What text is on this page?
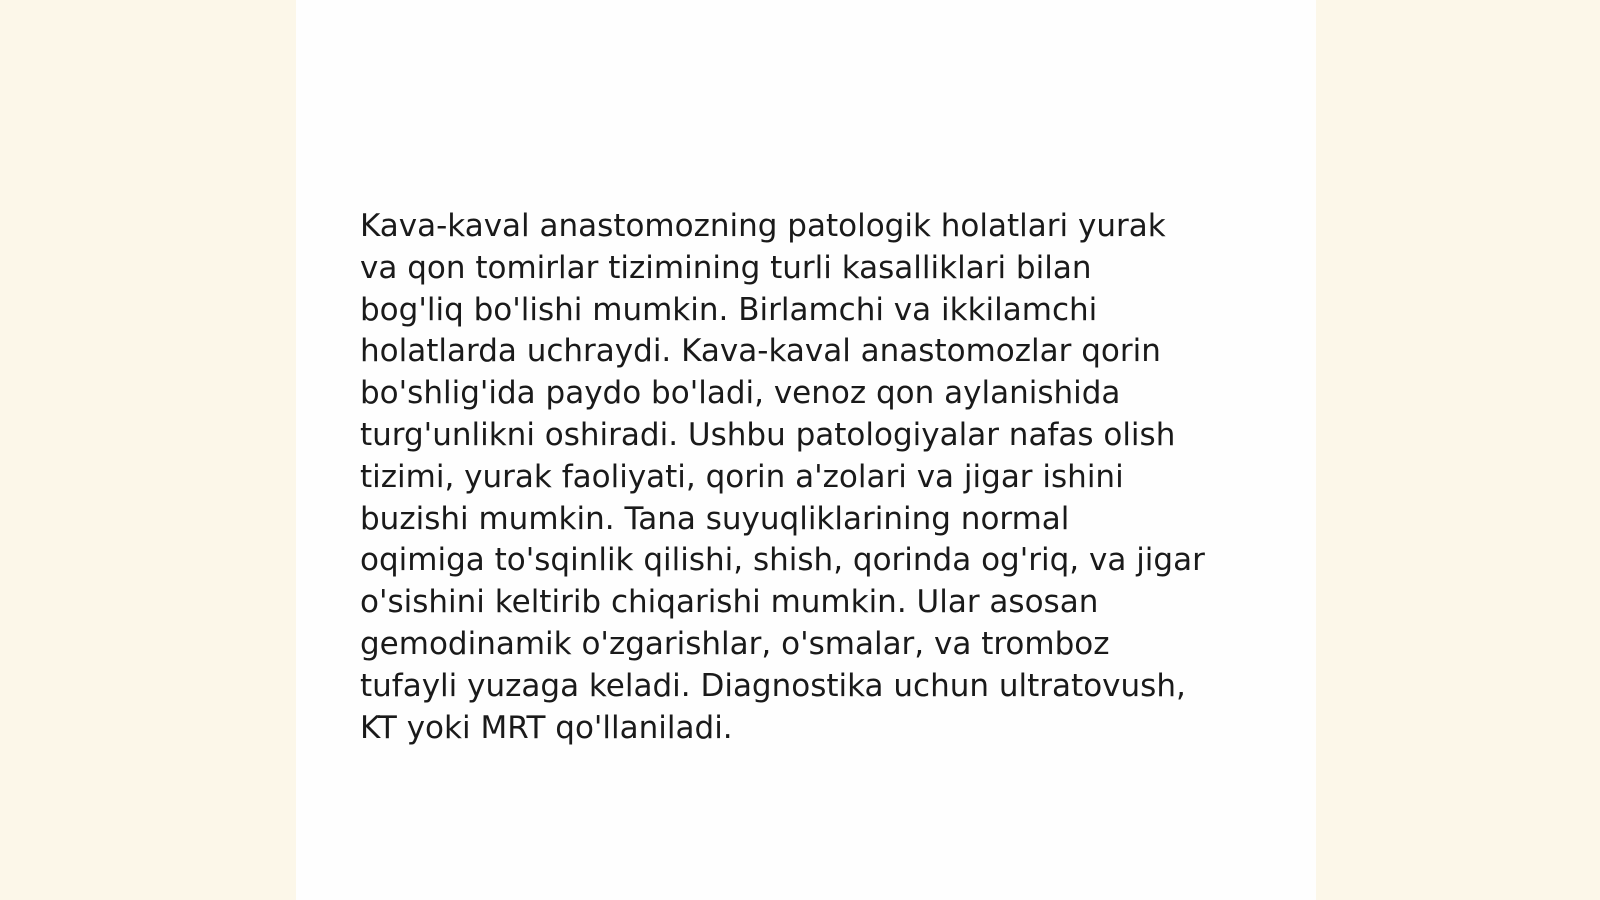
Kava-kaval anastomozning patologik holatlari yurak
va qon tomirlar tizimining turli kasalliklari bilan
bog'liq bo'lishi mumkin. Birlamchi va ikkilamchi
holatlarda uchraydi. Kava-kaval anastomozlar qorin
bo'shlig'ida paydo bo'ladi, venoz qon aylanishida
turg'unlikni oshiradi. Ushbu patologiyalar nafas olish
tizimi, yurak faoliyati, qorin a'zolari va jigar ishini
buzishi mumkin. Tana suyuqliklarining normal
oqimiga to'sqinlik qilishi, shish, qorinda og'riq, va jigar
o'sishini keltirib chiqarishi mumkin. Ular asosan
gemodinamik o'zgarishlar, o'smalar, va tromboz
tufayli yuzaga keladi. Diagnostika uchun ultratovush,
KT yoki MRT qo'llaniladi.
